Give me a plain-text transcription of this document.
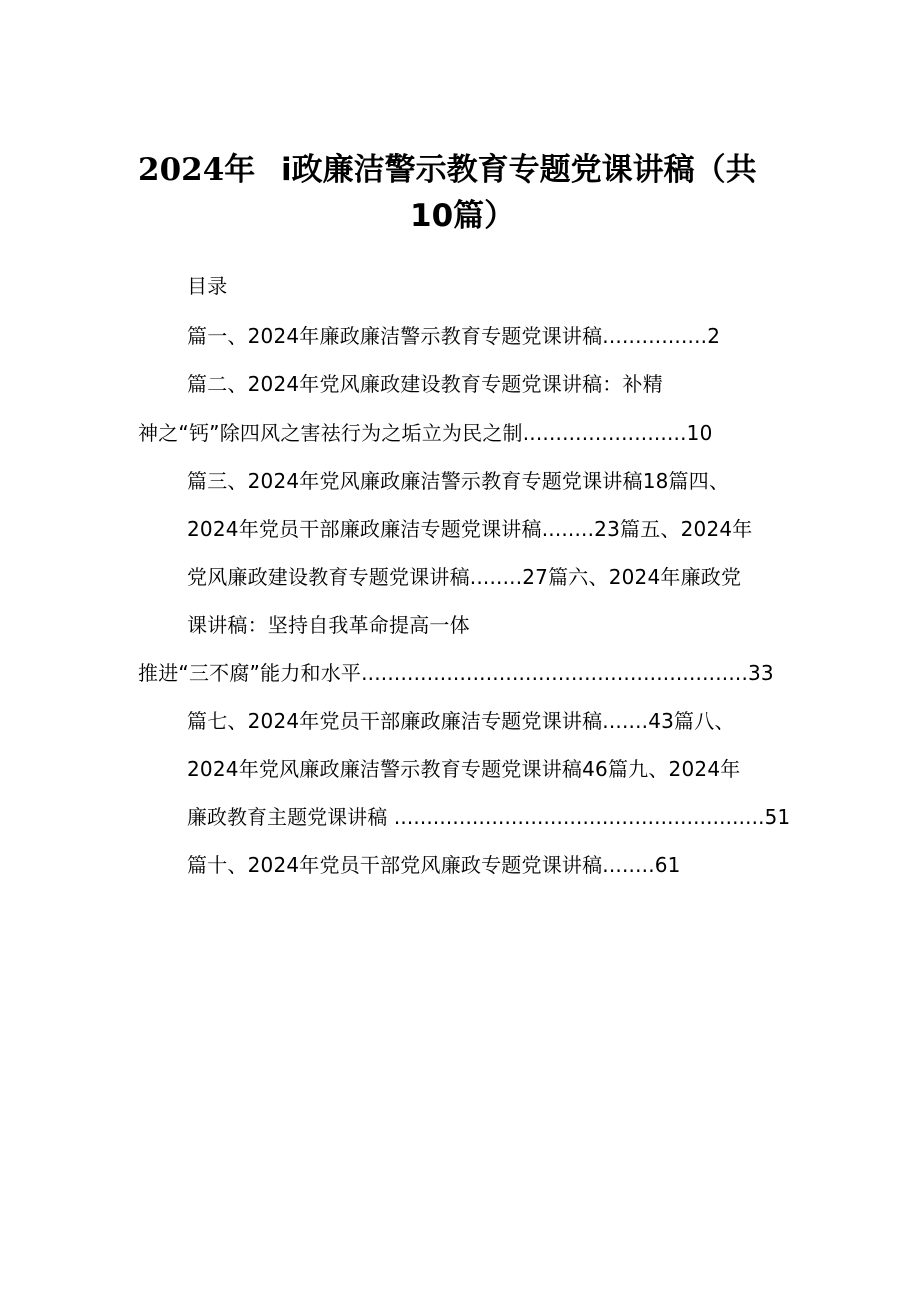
2024年 i政廉洁警示教育专题党课讲稿（共
10篇）
目录
篇一、2024年廉政廉洁警示教育专题党课讲稿................2
篇二、2024年党风廉政建设教育专题党课讲稿：补精
神之“钙”除四风之害祛行为之垢立为民之制.........................10
篇三、2024年党风廉政廉洁警示教育专题党课讲稿18篇四、
2024年党员干部廉政廉洁专题党课讲稿........23篇五、2024年
党风廉政建设教育专题党课讲稿........27篇六、2024年廉政党
课讲稿：坚持自我革命提高一体
推进“三不腐”能力和水平...........................................................33
篇七、2024年党员干部廉政廉洁专题党课讲稿.......43篇八、
2024年党风廉政廉洁警示教育专题党课讲稿46篇九、2024年
廉政教育主题党课讲稿 .........................................................51
篇十、2024年党员干部党风廉政专题党课讲稿........61
